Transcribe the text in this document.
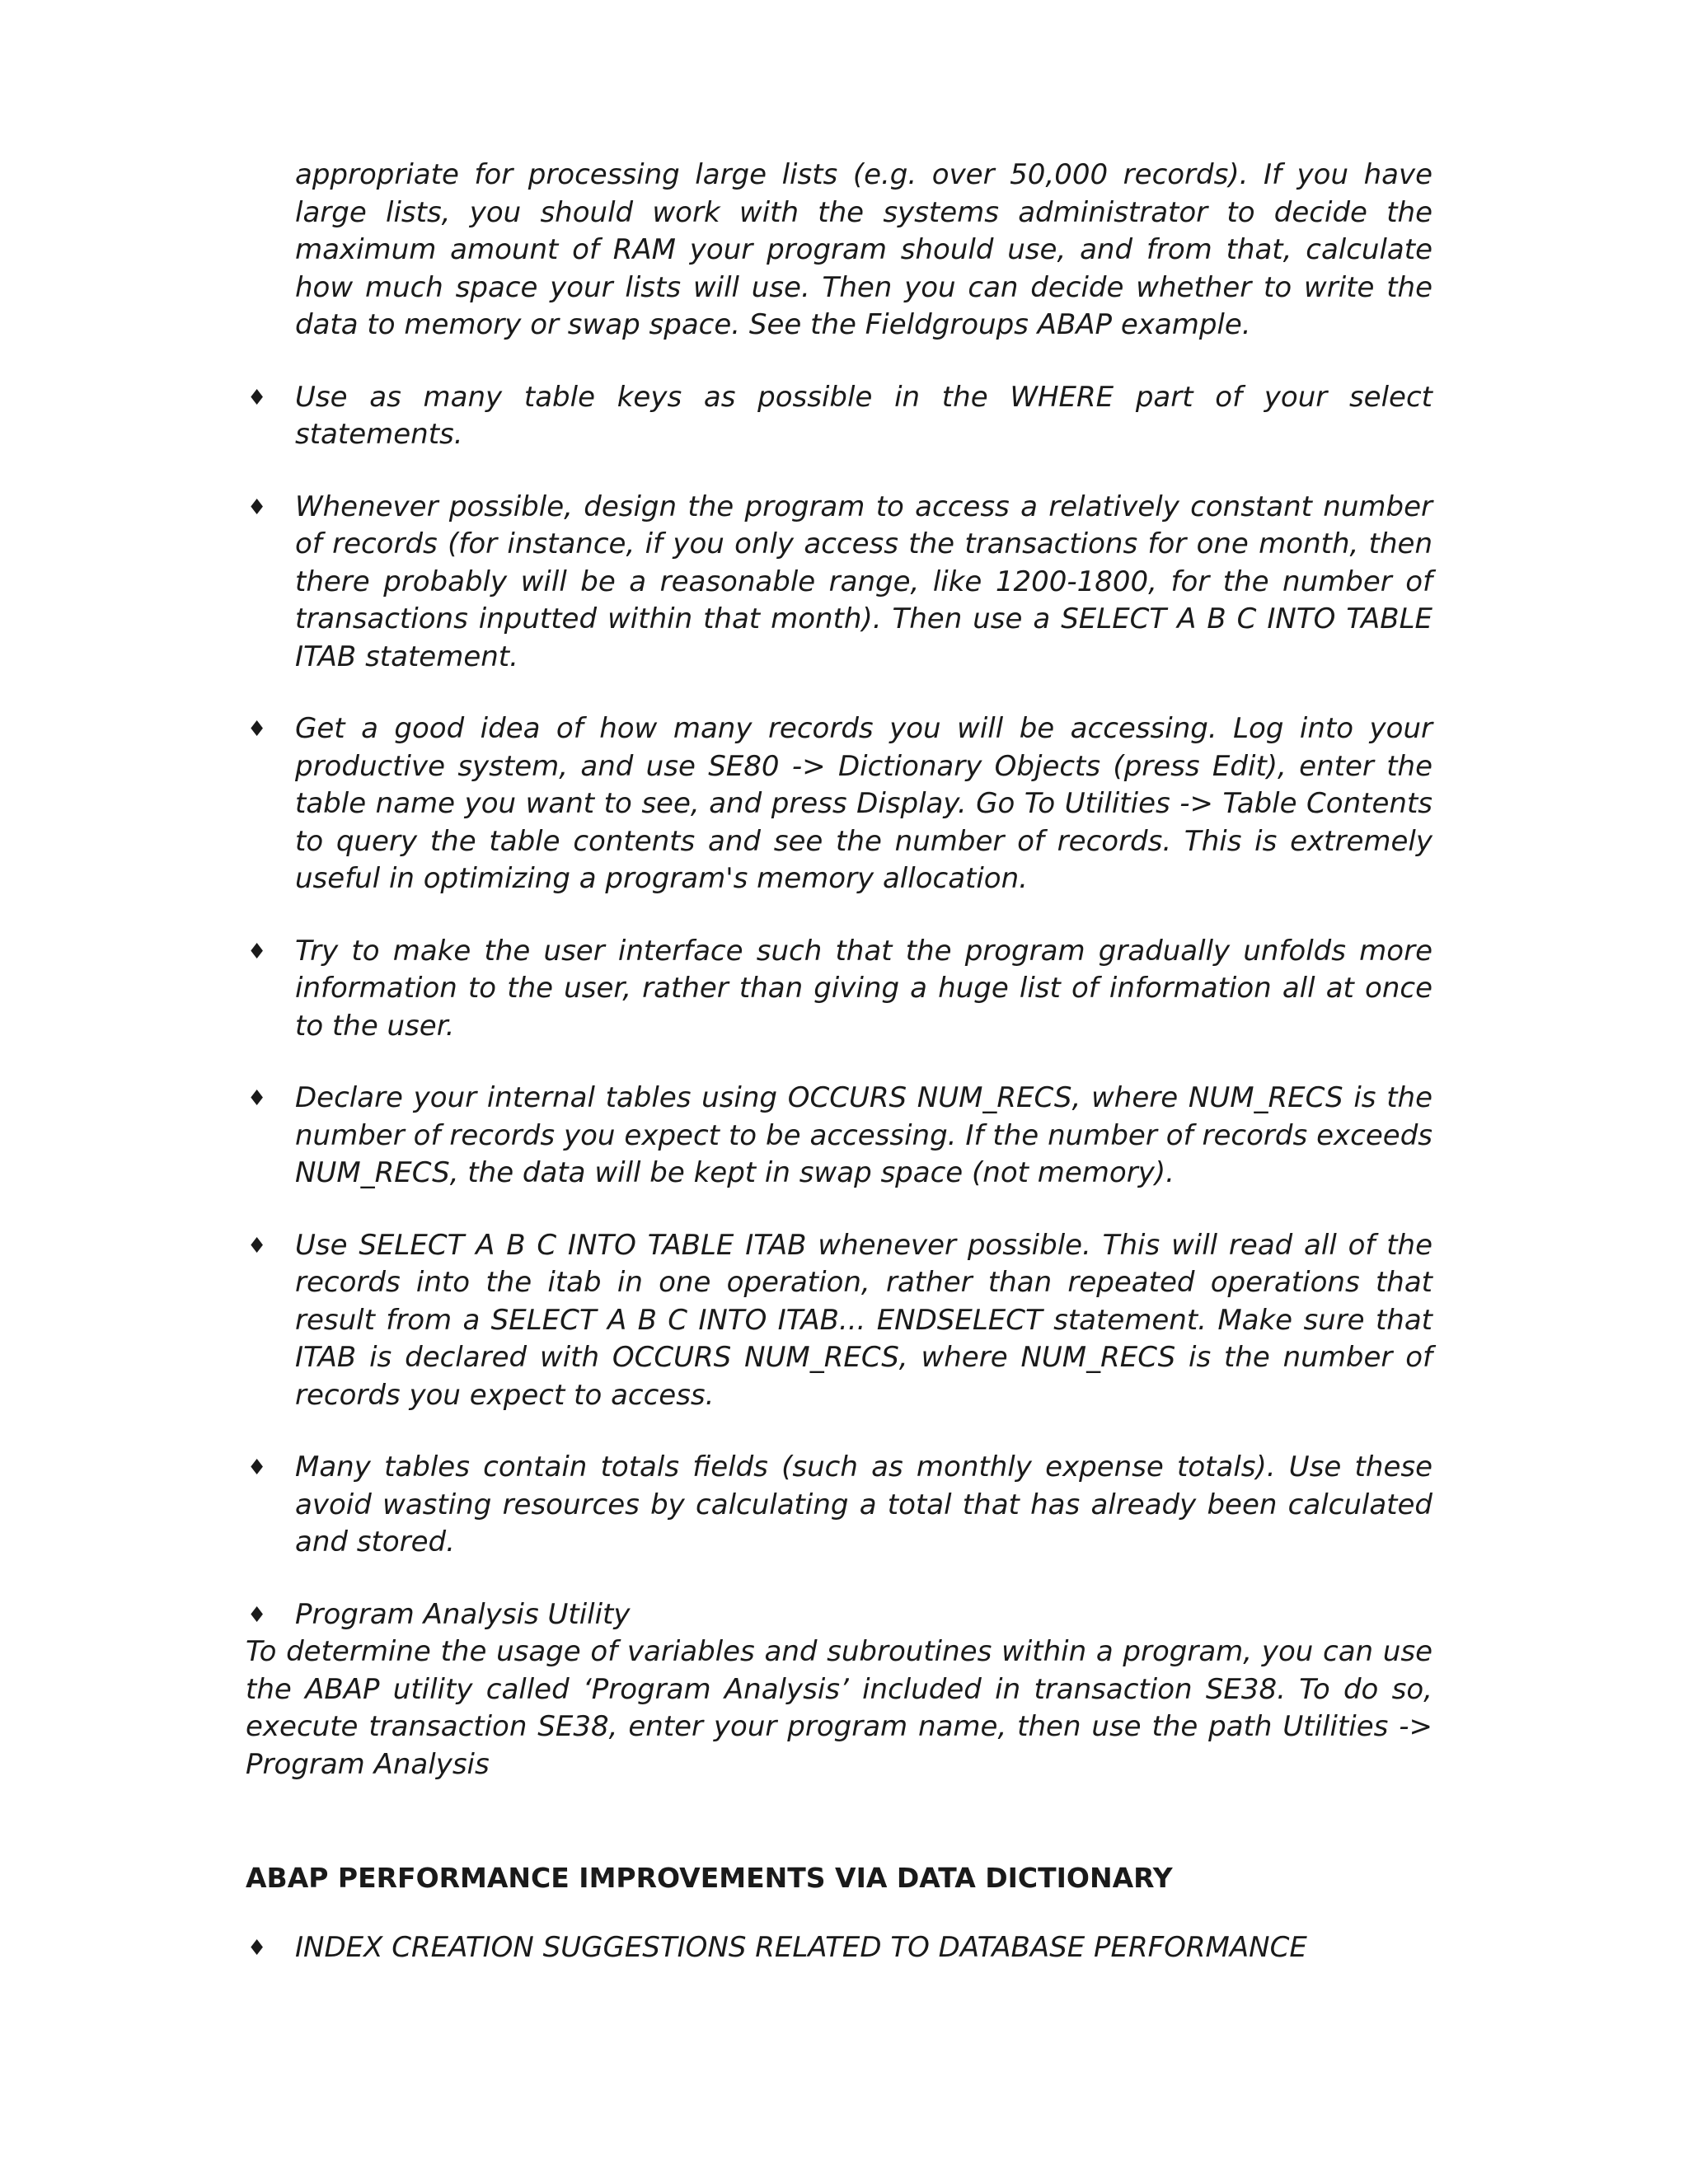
appropriate for processing large lists (e.g. over 50,000 records). If you have large lists, you should work with the systems administrator to decide the maximum amount of RAM your program should use, and from that, calculate how much space your lists will use. Then you can decide whether to write the data to memory or swap space. See the Fieldgroups ABAP example.

♦ Use as many table keys as possible in the WHERE part of your select statements.

♦ Whenever possible, design the program to access a relatively constant number of records (for instance, if you only access the transactions for one month, then there probably will be a reasonable range, like 1200-1800, for the number of transactions inputted within that month). Then use a SELECT A B C INTO TABLE ITAB statement.

♦ Get a good idea of how many records you will be accessing. Log into your productive system, and use SE80 -> Dictionary Objects (press Edit), enter the table name you want to see, and press Display. Go To Utilities -> Table Contents to query the table contents and see the number of records. This is extremely useful in optimizing a program's memory allocation.

♦ Try to make the user interface such that the program gradually unfolds more information to the user, rather than giving a huge list of information all at once to the user.

♦ Declare your internal tables using OCCURS NUM_RECS, where NUM_RECS is the number of records you expect to be accessing. If the number of records exceeds NUM_RECS, the data will be kept in swap space (not memory).

♦ Use SELECT A B C INTO TABLE ITAB whenever possible. This will read all of the records into the itab in one operation, rather than repeated operations that result from a SELECT A B C INTO ITAB... ENDSELECT statement. Make sure that ITAB is declared with OCCURS NUM_RECS, where NUM_RECS is the number of records you expect to access.

♦ Many tables contain totals fields (such as monthly expense totals). Use these avoid wasting resources by calculating a total that has already been calculated and stored.

♦ Program Analysis Utility

To determine the usage of variables and subroutines within a program, you can use the ABAP utility called ‘Program Analysis’ included in transaction SE38. To do so, execute transaction SE38, enter your program name, then use the path Utilities -> Program Analysis

ABAP PERFORMANCE IMPROVEMENTS VIA DATA DICTIONARY
♦ INDEX CREATION SUGGESTIONS RELATED TO DATABASE PERFORMANCE
